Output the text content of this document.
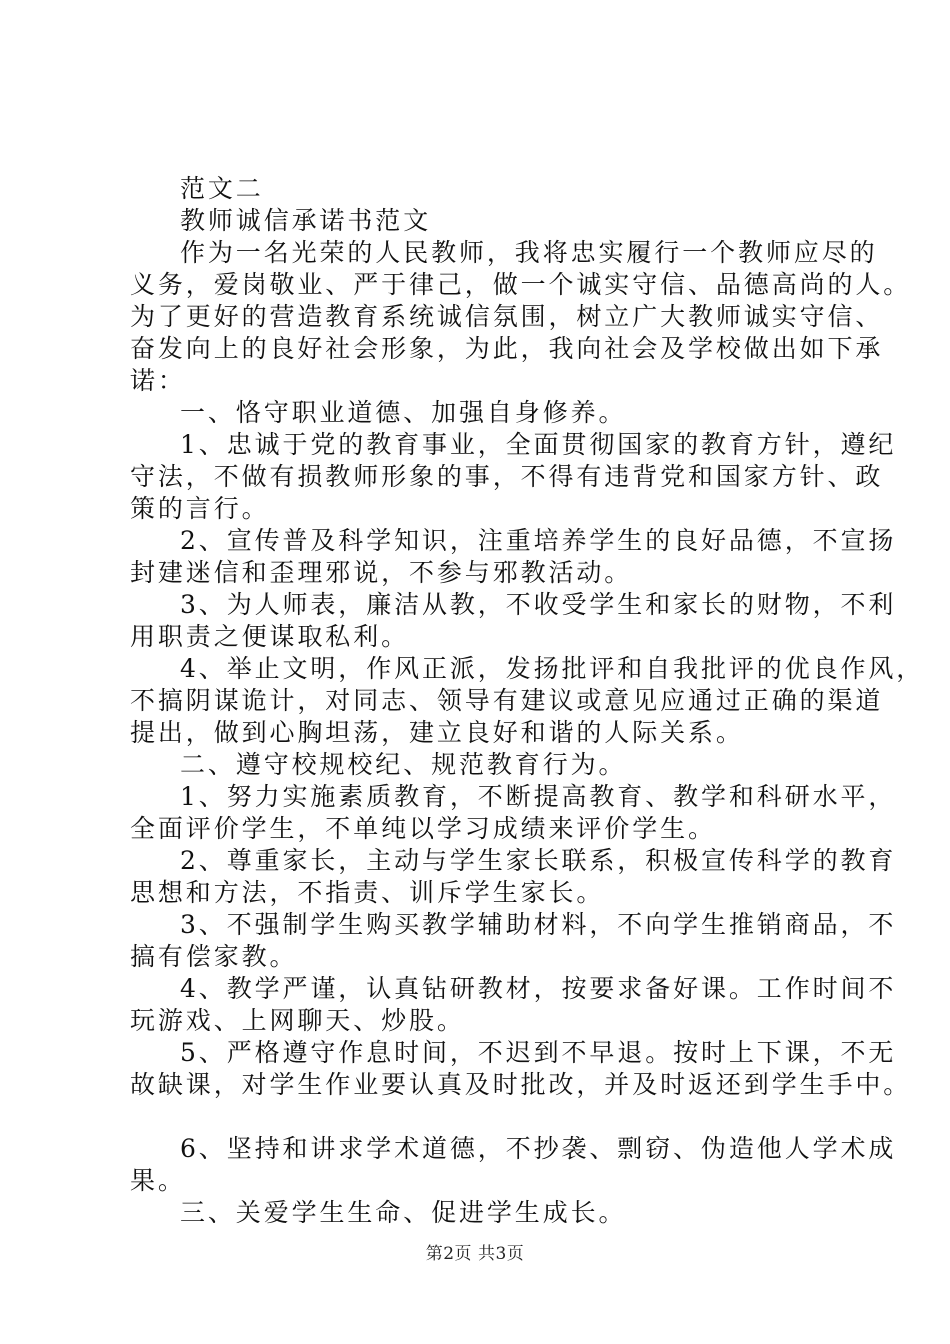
范文二
教师诚信承诺书范文
作为一名光荣的人民教师，我将忠实履行一个教师应尽的
义务，爱岗敬业、严于律己，做一个诚实守信、品德高尚的人。
为了更好的营造教育系统诚信氛围，树立广大教师诚实守信、
奋发向上的良好社会形象，为此，我向社会及学校做出如下承
诺：
一、恪守职业道德、加强自身修养。
1、忠诚于党的教育事业，全面贯彻国家的教育方针，遵纪
守法，不做有损教师形象的事，不得有违背党和国家方针、政
策的言行。
2、宣传普及科学知识，注重培养学生的良好品德，不宣扬
封建迷信和歪理邪说，不参与邪教活动。
3、为人师表，廉洁从教，不收受学生和家长的财物，不利
用职责之便谋取私利。
4、举止文明，作风正派，发扬批评和自我批评的优良作风，
不搞阴谋诡计，对同志、领导有建议或意见应通过正确的渠道
提出，做到心胸坦荡，建立良好和谐的人际关系。
二、遵守校规校纪、规范教育行为。
1、努力实施素质教育，不断提高教育、教学和科研水平，
全面评价学生，不单纯以学习成绩来评价学生。
2、尊重家长，主动与学生家长联系，积极宣传科学的教育
思想和方法，不指责、训斥学生家长。
3、不强制学生购买教学辅助材料，不向学生推销商品，不
搞有偿家教。
4、教学严谨，认真钻研教材，按要求备好课。工作时间不
玩游戏、上网聊天、炒股。
5、严格遵守作息时间，不迟到不早退。按时上下课，不无
故缺课，对学生作业要认真及时批改，并及时返还到学生手中。
6、坚持和讲求学术道德，不抄袭、剽窃、伪造他人学术成
果。
三、关爱学生生命、促进学生成长。
第2页 共3页
